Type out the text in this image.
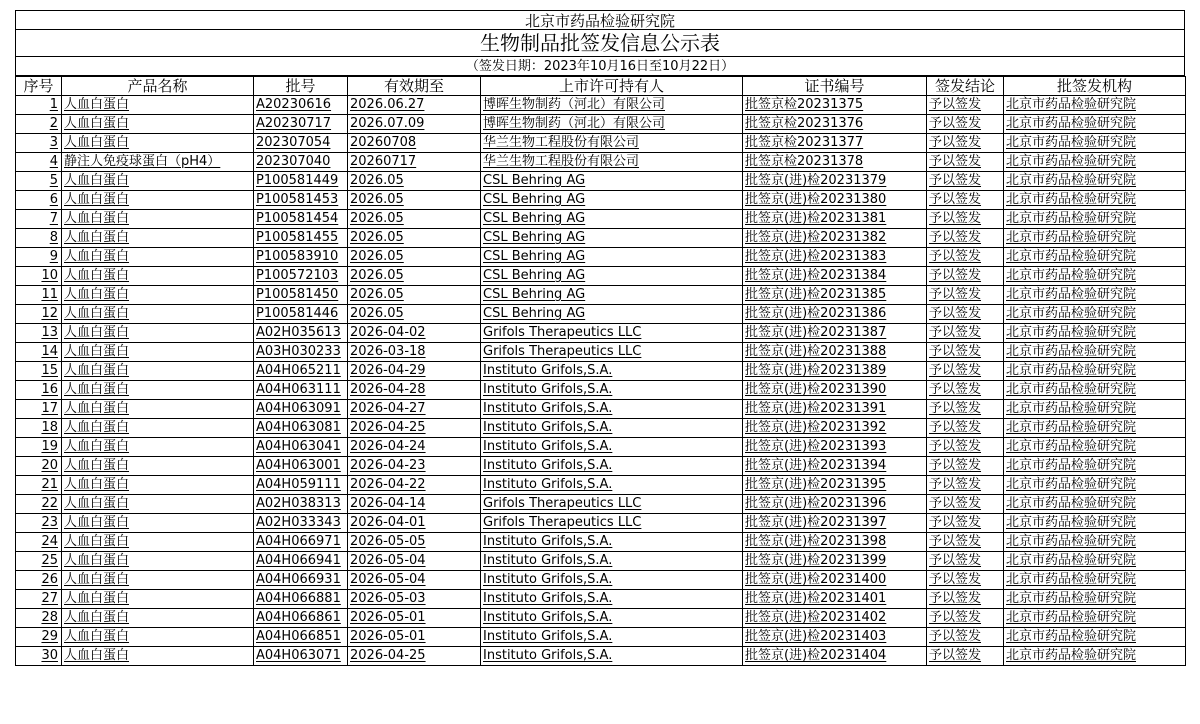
北京市药品检验研究院
生物制品批签发信息公示表
（签发日期：2023年10月16日至10月22日）
序号	产品名称	批号	有效期至	上市许可持有人	证书编号	签发结论	批签发机构
1	人血白蛋白	A20230616	2026.06.27	博晖生物制药（河北）有限公司	批签京检20231375	予以签发	北京市药品检验研究院
2	人血白蛋白	A20230717	2026.07.09	博晖生物制药（河北）有限公司	批签京检20231376	予以签发	北京市药品检验研究院
3	人血白蛋白	202307054	20260708	华兰生物工程股份有限公司	批签京检20231377	予以签发	北京市药品检验研究院
4	静注人免疫球蛋白（pH4）	202307040	20260717	华兰生物工程股份有限公司	批签京检20231378	予以签发	北京市药品检验研究院
5	人血白蛋白	P100581449	2026.05	CSL Behring AG	批签京(进)检20231379	予以签发	北京市药品检验研究院
6	人血白蛋白	P100581453	2026.05	CSL Behring AG	批签京(进)检20231380	予以签发	北京市药品检验研究院
7	人血白蛋白	P100581454	2026.05	CSL Behring AG	批签京(进)检20231381	予以签发	北京市药品检验研究院
8	人血白蛋白	P100581455	2026.05	CSL Behring AG	批签京(进)检20231382	予以签发	北京市药品检验研究院
9	人血白蛋白	P100583910	2026.05	CSL Behring AG	批签京(进)检20231383	予以签发	北京市药品检验研究院
10	人血白蛋白	P100572103	2026.05	CSL Behring AG	批签京(进)检20231384	予以签发	北京市药品检验研究院
11	人血白蛋白	P100581450	2026.05	CSL Behring AG	批签京(进)检20231385	予以签发	北京市药品检验研究院
12	人血白蛋白	P100581446	2026.05	CSL Behring AG	批签京(进)检20231386	予以签发	北京市药品检验研究院
13	人血白蛋白	A02H035613	2026-04-02	Grifols Therapeutics LLC	批签京(进)检20231387	予以签发	北京市药品检验研究院
14	人血白蛋白	A03H030233	2026-03-18	Grifols Therapeutics LLC	批签京(进)检20231388	予以签发	北京市药品检验研究院
15	人血白蛋白	A04H065211	2026-04-29	Instituto Grifols,S.A.	批签京(进)检20231389	予以签发	北京市药品检验研究院
16	人血白蛋白	A04H063111	2026-04-28	Instituto Grifols,S.A.	批签京(进)检20231390	予以签发	北京市药品检验研究院
17	人血白蛋白	A04H063091	2026-04-27	Instituto Grifols,S.A.	批签京(进)检20231391	予以签发	北京市药品检验研究院
18	人血白蛋白	A04H063081	2026-04-25	Instituto Grifols,S.A.	批签京(进)检20231392	予以签发	北京市药品检验研究院
19	人血白蛋白	A04H063041	2026-04-24	Instituto Grifols,S.A.	批签京(进)检20231393	予以签发	北京市药品检验研究院
20	人血白蛋白	A04H063001	2026-04-23	Instituto Grifols,S.A.	批签京(进)检20231394	予以签发	北京市药品检验研究院
21	人血白蛋白	A04H059111	2026-04-22	Instituto Grifols,S.A.	批签京(进)检20231395	予以签发	北京市药品检验研究院
22	人血白蛋白	A02H038313	2026-04-14	Grifols Therapeutics LLC	批签京(进)检20231396	予以签发	北京市药品检验研究院
23	人血白蛋白	A02H033343	2026-04-01	Grifols Therapeutics LLC	批签京(进)检20231397	予以签发	北京市药品检验研究院
24	人血白蛋白	A04H066971	2026-05-05	Instituto Grifols,S.A.	批签京(进)检20231398	予以签发	北京市药品检验研究院
25	人血白蛋白	A04H066941	2026-05-04	Instituto Grifols,S.A.	批签京(进)检20231399	予以签发	北京市药品检验研究院
26	人血白蛋白	A04H066931	2026-05-04	Instituto Grifols,S.A.	批签京(进)检20231400	予以签发	北京市药品检验研究院
27	人血白蛋白	A04H066881	2026-05-03	Instituto Grifols,S.A.	批签京(进)检20231401	予以签发	北京市药品检验研究院
28	人血白蛋白	A04H066861	2026-05-01	Instituto Grifols,S.A.	批签京(进)检20231402	予以签发	北京市药品检验研究院
29	人血白蛋白	A04H066851	2026-05-01	Instituto Grifols,S.A.	批签京(进)检20231403	予以签发	北京市药品检验研究院
30	人血白蛋白	A04H063071	2026-04-25	Instituto Grifols,S.A.	批签京(进)检20231404	予以签发	北京市药品检验研究院
